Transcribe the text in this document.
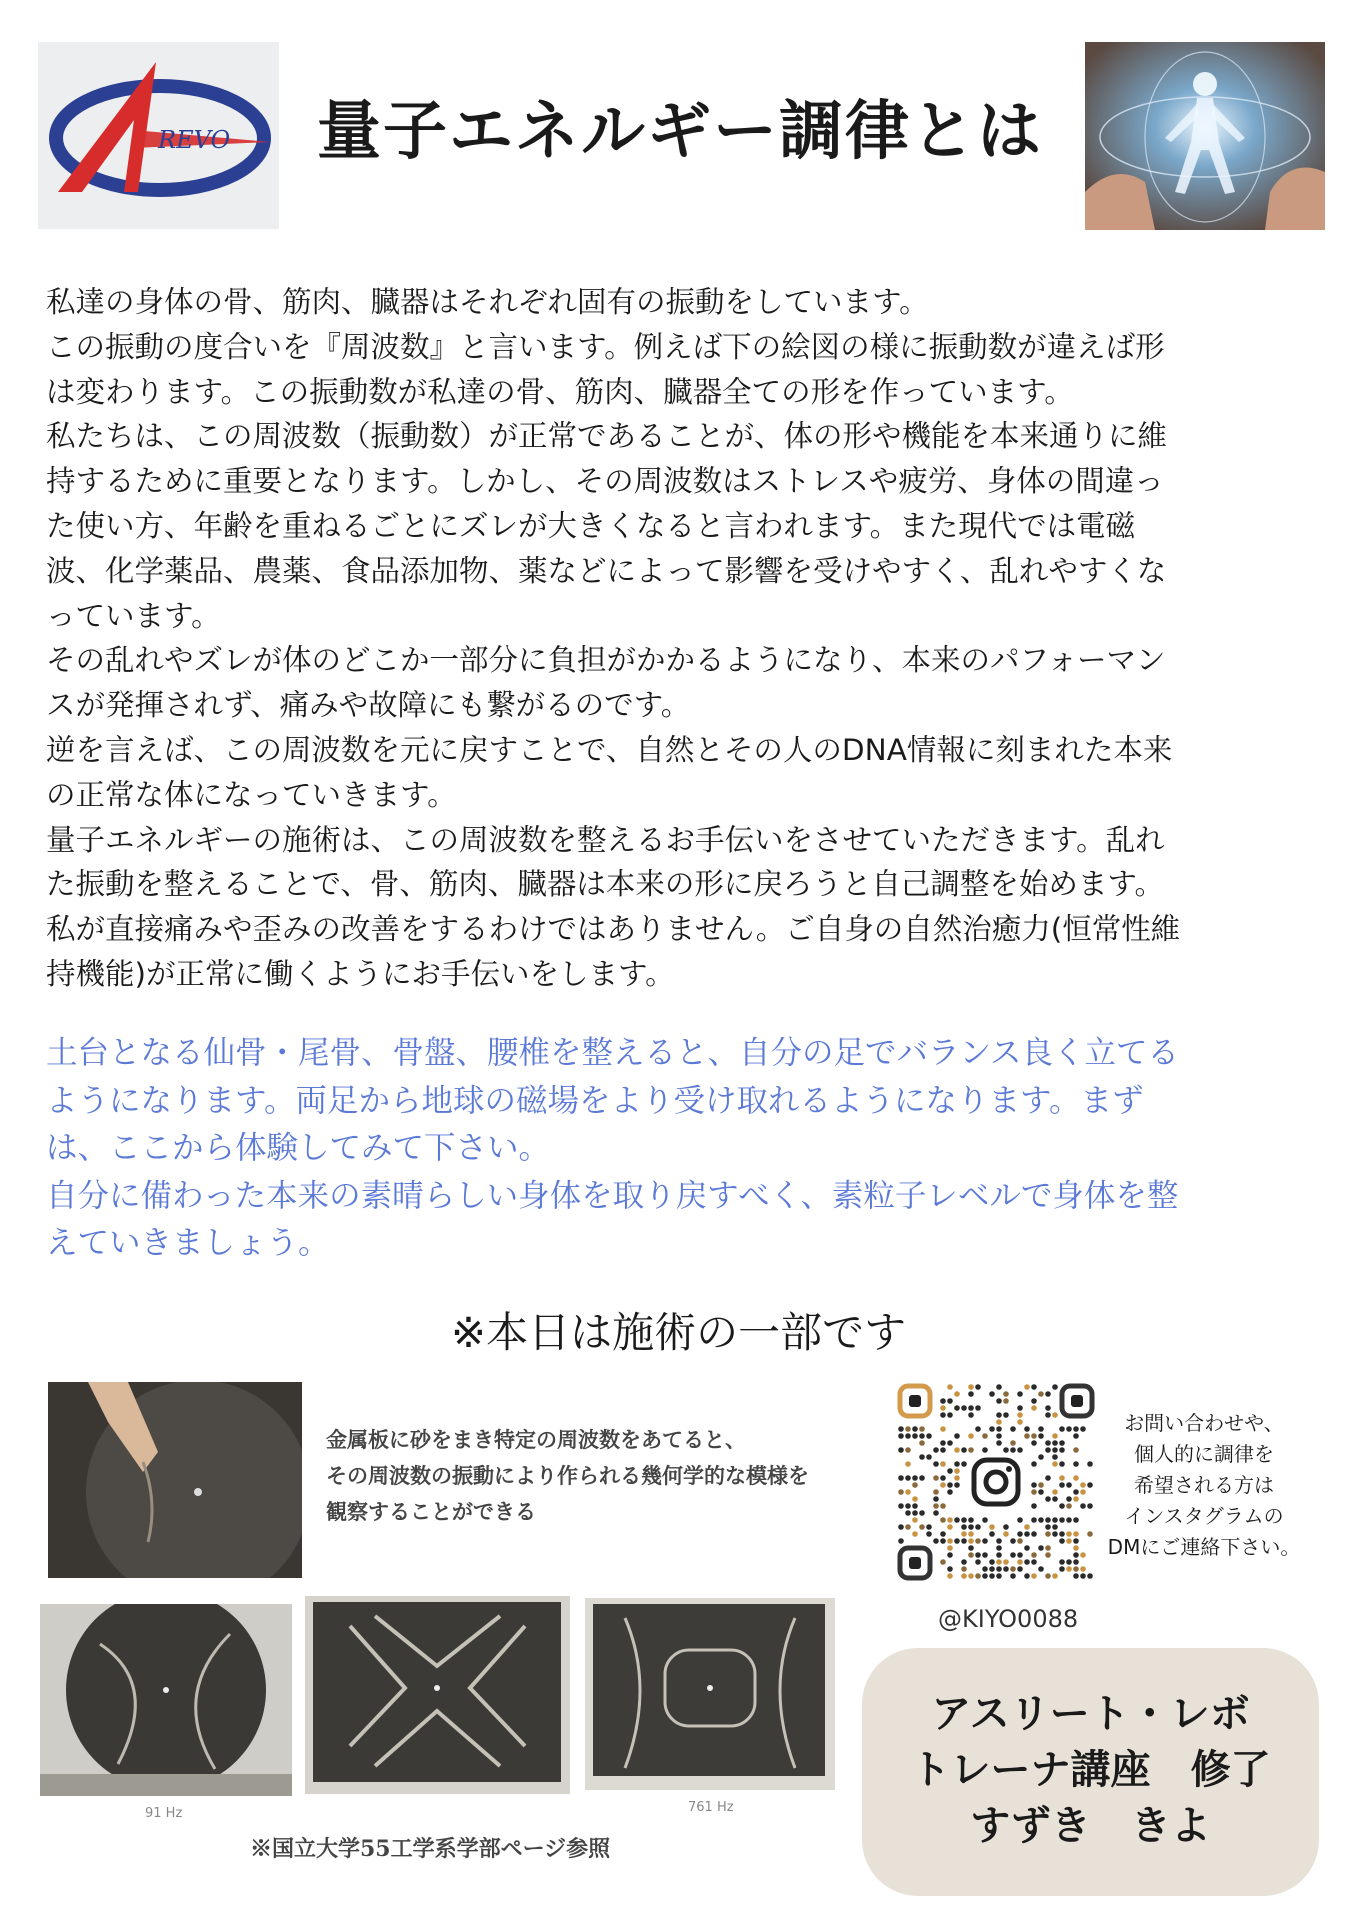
REVO 量子エネルギー調律とは

私達の身体の骨、筋肉、臓器はそれぞれ固有の振動をしています。

この振動の度合いを『周波数』と言います。例えば下の絵図の様に振動数が違えば形

は変わります。この振動数が私達の骨、筋肉、臓器全ての形を作っています。

私たちは、この周波数（振動数）が正常であることが、体の形や機能を本来通りに維

持するために重要となります。しかし、その周波数はストレスや疲労、身体の間違っ

た使い方、年齢を重ねるごとにズレが大きくなると言われます。また現代では電磁

波、化学薬品、農薬、食品添加物、薬などによって影響を受けやすく、乱れやすくな

っています。

その乱れやズレが体のどこか一部分に負担がかかるようになり、本来のパフォーマン

スが発揮されず、痛みや故障にも繋がるのです。

逆を言えば、この周波数を元に戻すことで、自然とその人のDNA情報に刻まれた本来

の正常な体になっていきます。

量子エネルギーの施術は、この周波数を整えるお手伝いをさせていただきます。乱れ

た振動を整えることで、骨、筋肉、臓器は本来の形に戻ろうと自己調整を始めます。

私が直接痛みや歪みの改善をするわけではありません。ご自身の自然治癒力(恒常性維

持機能)が正常に働くようにお手伝いをします。

土台となる仙骨・尾骨、骨盤、腰椎を整えると、自分の足でバランス良く立てる

ようになります。両足から地球の磁場をより受け取れるようになります。まず

は、ここから体験してみて下さい。

自分に備わった本来の素晴らしい身体を取り戻すべく、素粒子レベルで身体を整

えていきましょう。

※本日は施術の一部です

金属板に砂をまき特定の周波数をあてると、

その周波数の振動により作られる幾何学的な模様を

観察することができる

91 Hz	761 Hz
※国立大学55工学系学部ページ参照

お問い合わせや、

個人的に調律を

希望される方は

インスタグラムの

DMにご連絡下さい。

@KIYO0088

アスリート・レボ

トレーナ講座　修了

すずき　きよ
